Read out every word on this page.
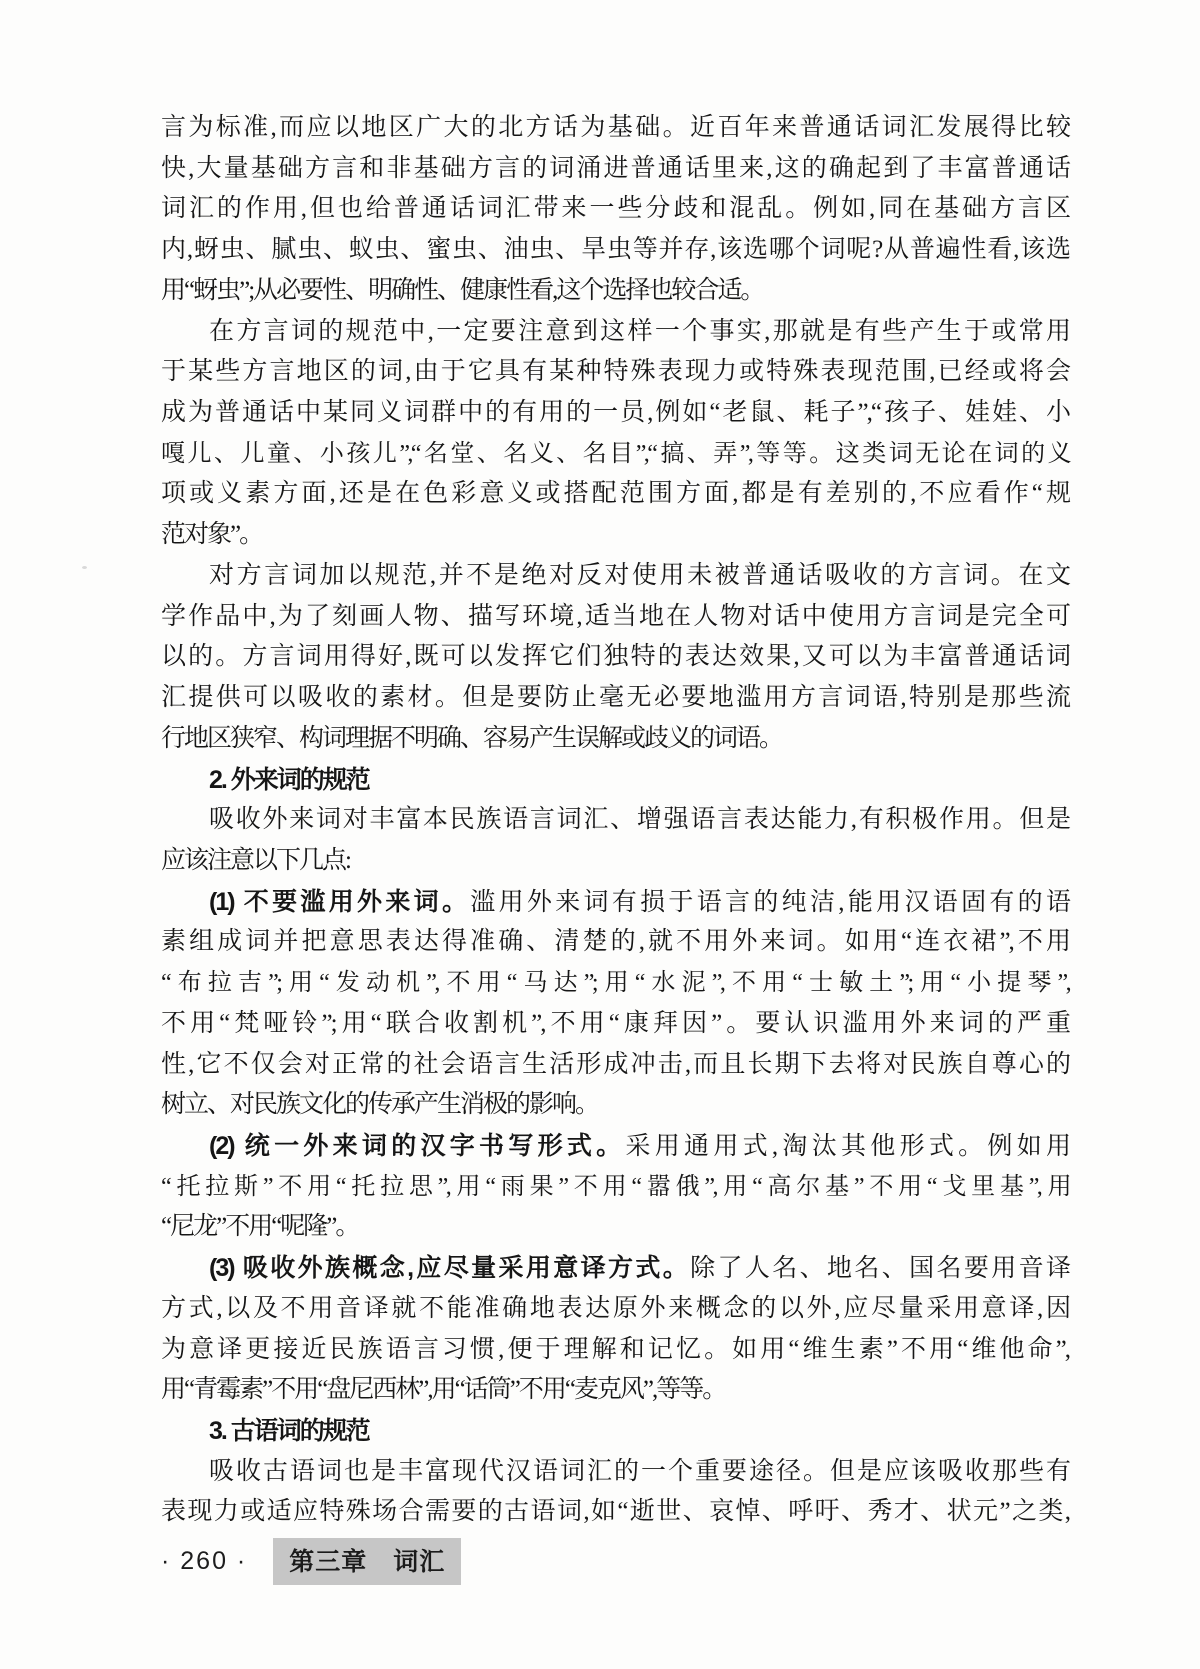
言为标准,而应以地区广大的北方话为基础。近百年来普通话词汇发展得比较
快,大量基础方言和非基础方言的词涌进普通话里来,这的确起到了丰富普通话
词汇的作用,但也给普通话词汇带来一些分歧和混乱。例如,同在基础方言区
内,蚜虫、腻虫、蚁虫、蜜虫、油虫、旱虫等并存,该选哪个词呢?从普遍性看,该选
用“蚜虫”;从必要性、明确性、健康性看,这个选择也较合适。
在方言词的规范中,一定要注意到这样一个事实,那就是有些产生于或常用
于某些方言地区的词,由于它具有某种特殊表现力或特殊表现范围,已经或将会
成为普通话中某同义词群中的有用的一员,例如“老鼠、耗子”,“孩子、娃娃、小
嘎儿、儿童、小孩儿”,“名堂、名义、名目”,“搞、弄”,等等。这类词无论在词的义
项或义素方面,还是在色彩意义或搭配范围方面,都是有差别的,不应看作“规
范对象”。
对方言词加以规范,并不是绝对反对使用未被普通话吸收的方言词。在文
学作品中,为了刻画人物、描写环境,适当地在人物对话中使用方言词是完全可
以的。方言词用得好,既可以发挥它们独特的表达效果,又可以为丰富普通话词
汇提供可以吸收的素材。但是要防止毫无必要地滥用方言词语,特别是那些流
行地区狭窄、构词理据不明确、容易产生误解或歧义的词语。
2. 外来词的规范
吸收外来词对丰富本民族语言词汇、增强语言表达能力,有积极作用。但是
应该注意以下几点:
(1) 不要滥用外来词。滥用外来词有损于语言的纯洁,能用汉语固有的语
素组成词并把意思表达得准确、清楚的,就不用外来词。如用“连衣裙”,不用
“布拉吉”;用“发动机”,不用“马达”;用“水泥”,不用“士敏土”;用“小提琴”,
不用“梵哑铃”;用“联合收割机”,不用“康拜因”。要认识滥用外来词的严重
性,它不仅会对正常的社会语言生活形成冲击,而且长期下去将对民族自尊心的
树立、对民族文化的传承产生消极的影响。
(2) 统一外来词的汉字书写形式。采用通用式,淘汰其他形式。例如用
“托拉斯”不用“托拉思”,用“雨果”不用“嚣俄”,用“高尔基”不用“戈里基”,用
“尼龙”不用“呢隆”。
(3) 吸收外族概念,应尽量采用意译方式。除了人名、地名、国名要用音译
方式,以及不用音译就不能准确地表达原外来概念的以外,应尽量采用意译,因
为意译更接近民族语言习惯,便于理解和记忆。如用“维生素”不用“维他命”,
用“青霉素”不用“盘尼西林”,用“话筒”不用“麦克风”,等等。
3. 古语词的规范
吸收古语词也是丰富现代汉语词汇的一个重要途径。但是应该吸收那些有
表现力或适应特殊场合需要的古语词,如“逝世、哀悼、呼吁、秀才、状元”之类,
· 260 ·	第三章　词汇
